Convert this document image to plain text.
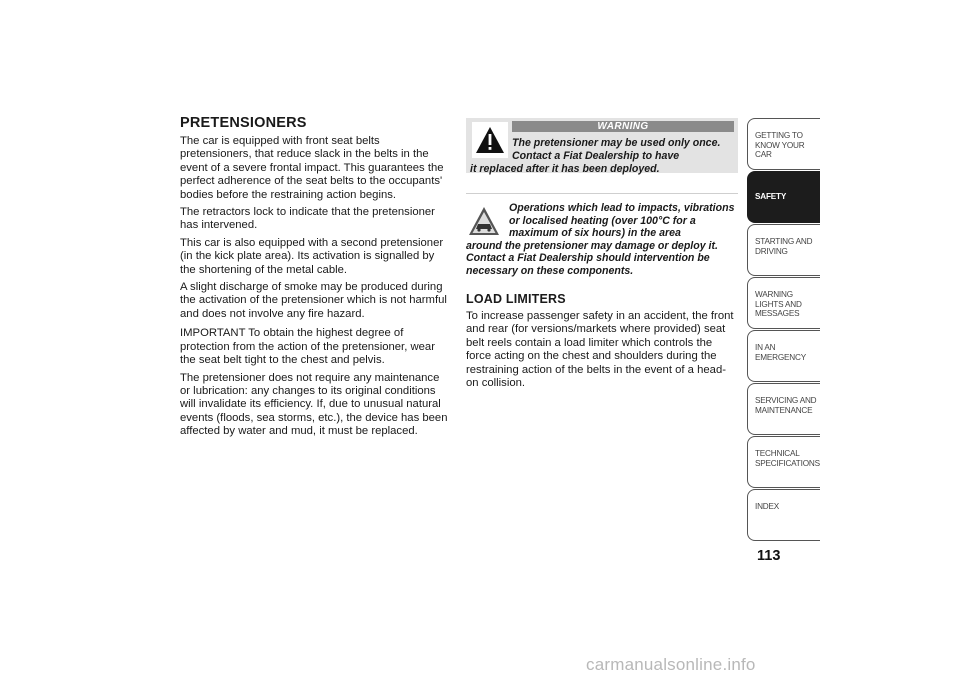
PRETENSIONERS

The car is equipped with front seat belts pretensioners, that reduce slack in the belts in the event of a severe frontal impact. This guarantees the perfect adherence of the seat belts to the occupants' bodies before the restraining action begins.

The retractors lock to indicate that the pretensioner has intervened.

This car is also equipped with a second pretensioner (in the kick plate area). Its activation is signalled by the shortening of the metal cable.

A slight discharge of smoke may be produced during the activation of the pretensioner which is not harmful and does not involve any fire hazard.

IMPORTANT To obtain the highest degree of protection from the action of the pretensioner, wear the seat belt tight to the chest and pelvis.

The pretensioner does not require any maintenance or lubrication: any changes to its original conditions will invalidate its efficiency. If, due to unusual natural events (floods, sea storms, etc.), the device has been affected by water and mud, it must be replaced.

WARNING
The pretensioner may be used only once. Contact a Fiat Dealership to have
it replaced after it has been deployed.
Operations which lead to impacts, vibrations or localised heating (over 100°C for a maximum of six hours) in the area
around the pretensioner may damage or deploy it. Contact a Fiat Dealership should intervention be necessary on these components.
LOAD LIMITERS

To increase passenger safety in an accident, the front and rear (for versions/markets where provided) seat belt reels contain a load limiter which controls the force acting on the chest and shoulders during the restraining action of the belts in the event of a head-on collision.

GETTING TO KNOW YOUR CAR
SAFETY
STARTING AND DRIVING
WARNING LIGHTS AND MESSAGES
IN AN EMERGENCY
SERVICING AND MAINTENANCE
TECHNICAL SPECIFICATIONS
INDEX
113
carmanualsonline.info
